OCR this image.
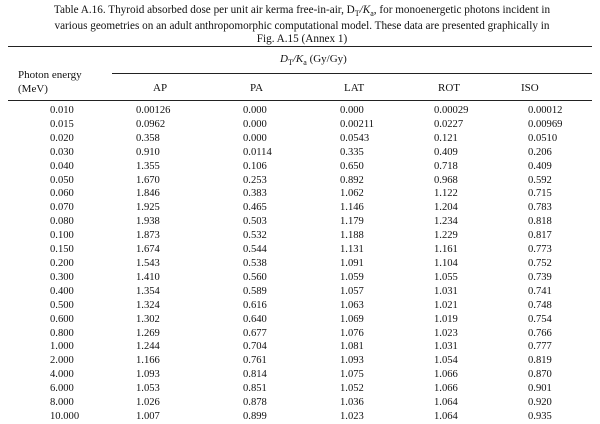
Table A.16. Thyroid absorbed dose per unit air kerma free-in-air, $D_T/K_a$, for monoenergetic photons incident in
various geometries on an adult anthropomorphic computational model. These data are presented graphically in
Fig. A.15 (Annex 1)

Photon energy
(MeV)
$D_T/K_a$ (Gy/Gy)
AP	PA	LAT	ROT	ISO
0.010	0.00126	0.000	0.000	0.00029	0.00012
0.015	0.0962	0.000	0.00211	0.0227	0.00969
0.020	0.358	0.000	0.0543	0.121	0.0510
0.030	0.910	0.0114	0.335	0.409	0.206
0.040	1.355	0.106	0.650	0.718	0.409
0.050	1.670	0.253	0.892	0.968	0.592
0.060	1.846	0.383	1.062	1.122	0.715
0.070	1.925	0.465	1.146	1.204	0.783
0.080	1.938	0.503	1.179	1.234	0.818
0.100	1.873	0.532	1.188	1.229	0.817
0.150	1.674	0.544	1.131	1.161	0.773
0.200	1.543	0.538	1.091	1.104	0.752
0.300	1.410	0.560	1.059	1.055	0.739
0.400	1.354	0.589	1.057	1.031	0.741
0.500	1.324	0.616	1.063	1.021	0.748
0.600	1.302	0.640	1.069	1.019	0.754
0.800	1.269	0.677	1.076	1.023	0.766
1.000	1.244	0.704	1.081	1.031	0.777
2.000	1.166	0.761	1.093	1.054	0.819
4.000	1.093	0.814	1.075	1.066	0.870
6.000	1.053	0.851	1.052	1.066	0.901
8.000	1.026	0.878	1.036	1.064	0.920
10.000	1.007	0.899	1.023	1.064	0.935
